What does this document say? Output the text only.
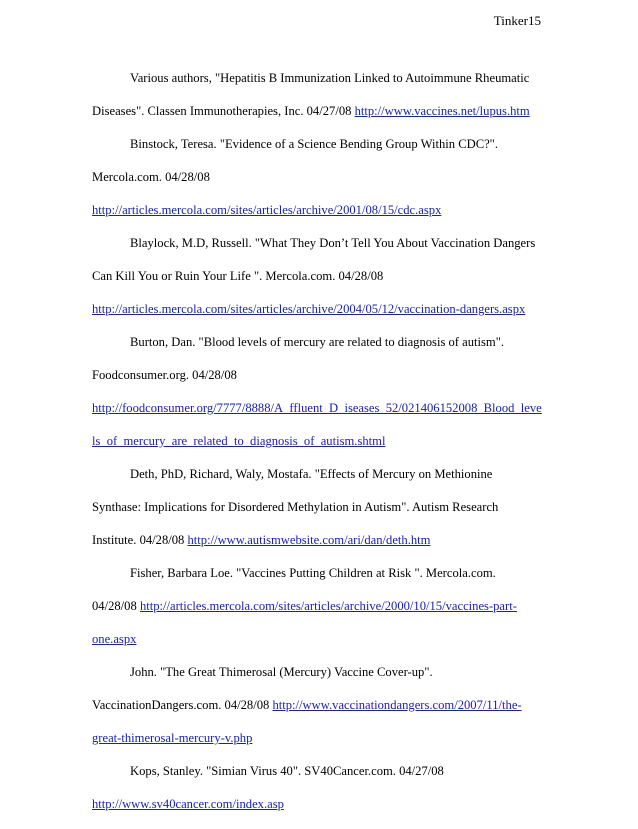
Tinker15
Various authors, "Hepatitis B Immunization Linked to Autoimmune Rheumatic
Diseases". Classen Immunotherapies, Inc. 04/27/08 http://www.vaccines.net/lupus.htm
Binstock, Teresa. "Evidence of a Science Bending Group Within CDC?".
Mercola.com. 04/28/08
http://articles.mercola.com/sites/articles/archive/2001/08/15/cdc.aspx
Blaylock, M.D, Russell. "What They Don’t Tell You About Vaccination Dangers
Can Kill You or Ruin Your Life ". Mercola.com. 04/28/08
http://articles.mercola.com/sites/articles/archive/2004/05/12/vaccination-dangers.aspx
Burton, Dan. "Blood levels of mercury are related to diagnosis of autism".
Foodconsumer.org. 04/28/08
http://foodconsumer.org/7777/8888/A_ffluent_D_iseases_52/021406152008_Blood_leve
ls_of_mercury_are_related_to_diagnosis_of_autism.shtml
Deth, PhD, Richard, Waly, Mostafa. "Effects of Mercury on Methionine
Synthase: Implications for Disordered Methylation in Autism". Autism Research
Institute. 04/28/08 http://www.autismwebsite.com/ari/dan/deth.htm
Fisher, Barbara Loe. "Vaccines Putting Children at Risk ". Mercola.com.
04/28/08 http://articles.mercola.com/sites/articles/archive/2000/10/15/vaccines-part-
one.aspx
John. "The Great Thimerosal (Mercury) Vaccine Cover-up".
VaccinationDangers.com. 04/28/08 http://www.vaccinationdangers.com/2007/11/the-
great-thimerosal-mercury-v.php
Kops, Stanley. "Simian Virus 40". SV40Cancer.com. 04/27/08
http://www.sv40cancer.com/index.asp
